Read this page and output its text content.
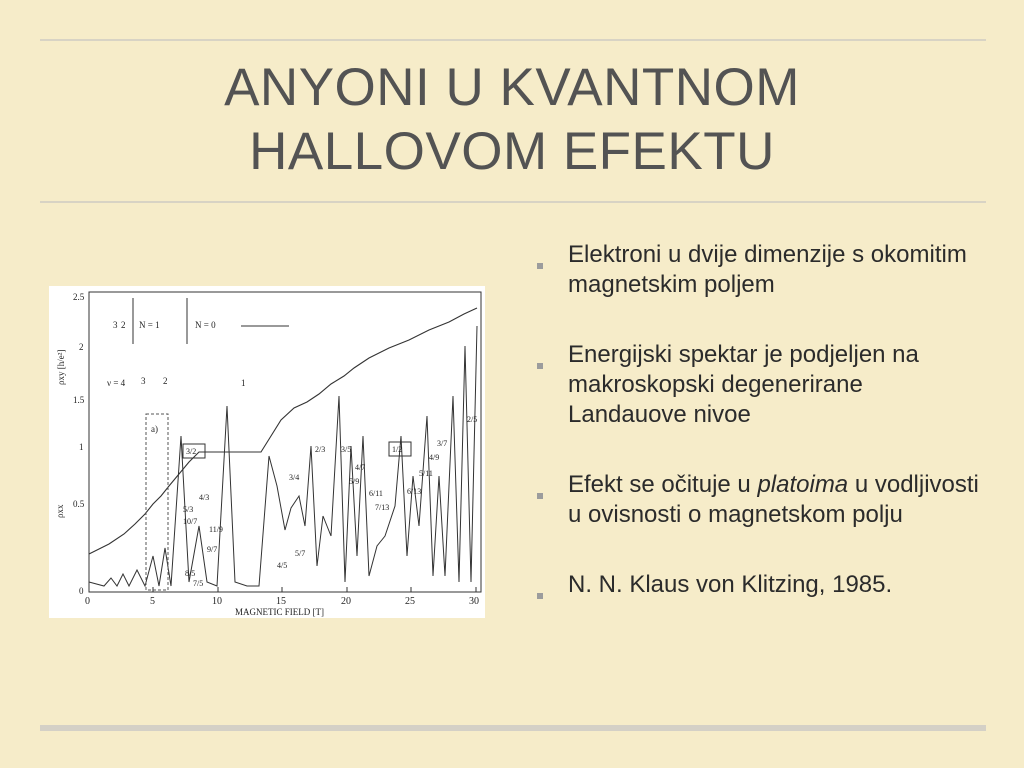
ANYONI U KVANTNOM
HALLOVOM EFEKTU
0	5	10	15	20	25	30
MAGNETIC FIELD [T]
0
0.5
1
1.5
2
2.5
ρxy [h/e²]
ρxx
a)
3 2 N = 1	N = 0
ν = 4 3 2	1
3/2	1/2
2/3 3/5
3/7
2/5
4/9
5/11
6/13
4/7
5/9
6/11
7/13
3/4
4/3
5/3
10/7
11/9
9/7
8/5
7/5
5/7
4/5
Elektroni u dvije dimenzije s okomitim magnetskim poljem
Energijski spektar je podjeljen na makroskopski degenerirane Landauove nivoe
Efekt se očituje u platoima u vodljivosti u ovisnosti o magnetskom polju
N. N. Klaus von Klitzing, 1985.
